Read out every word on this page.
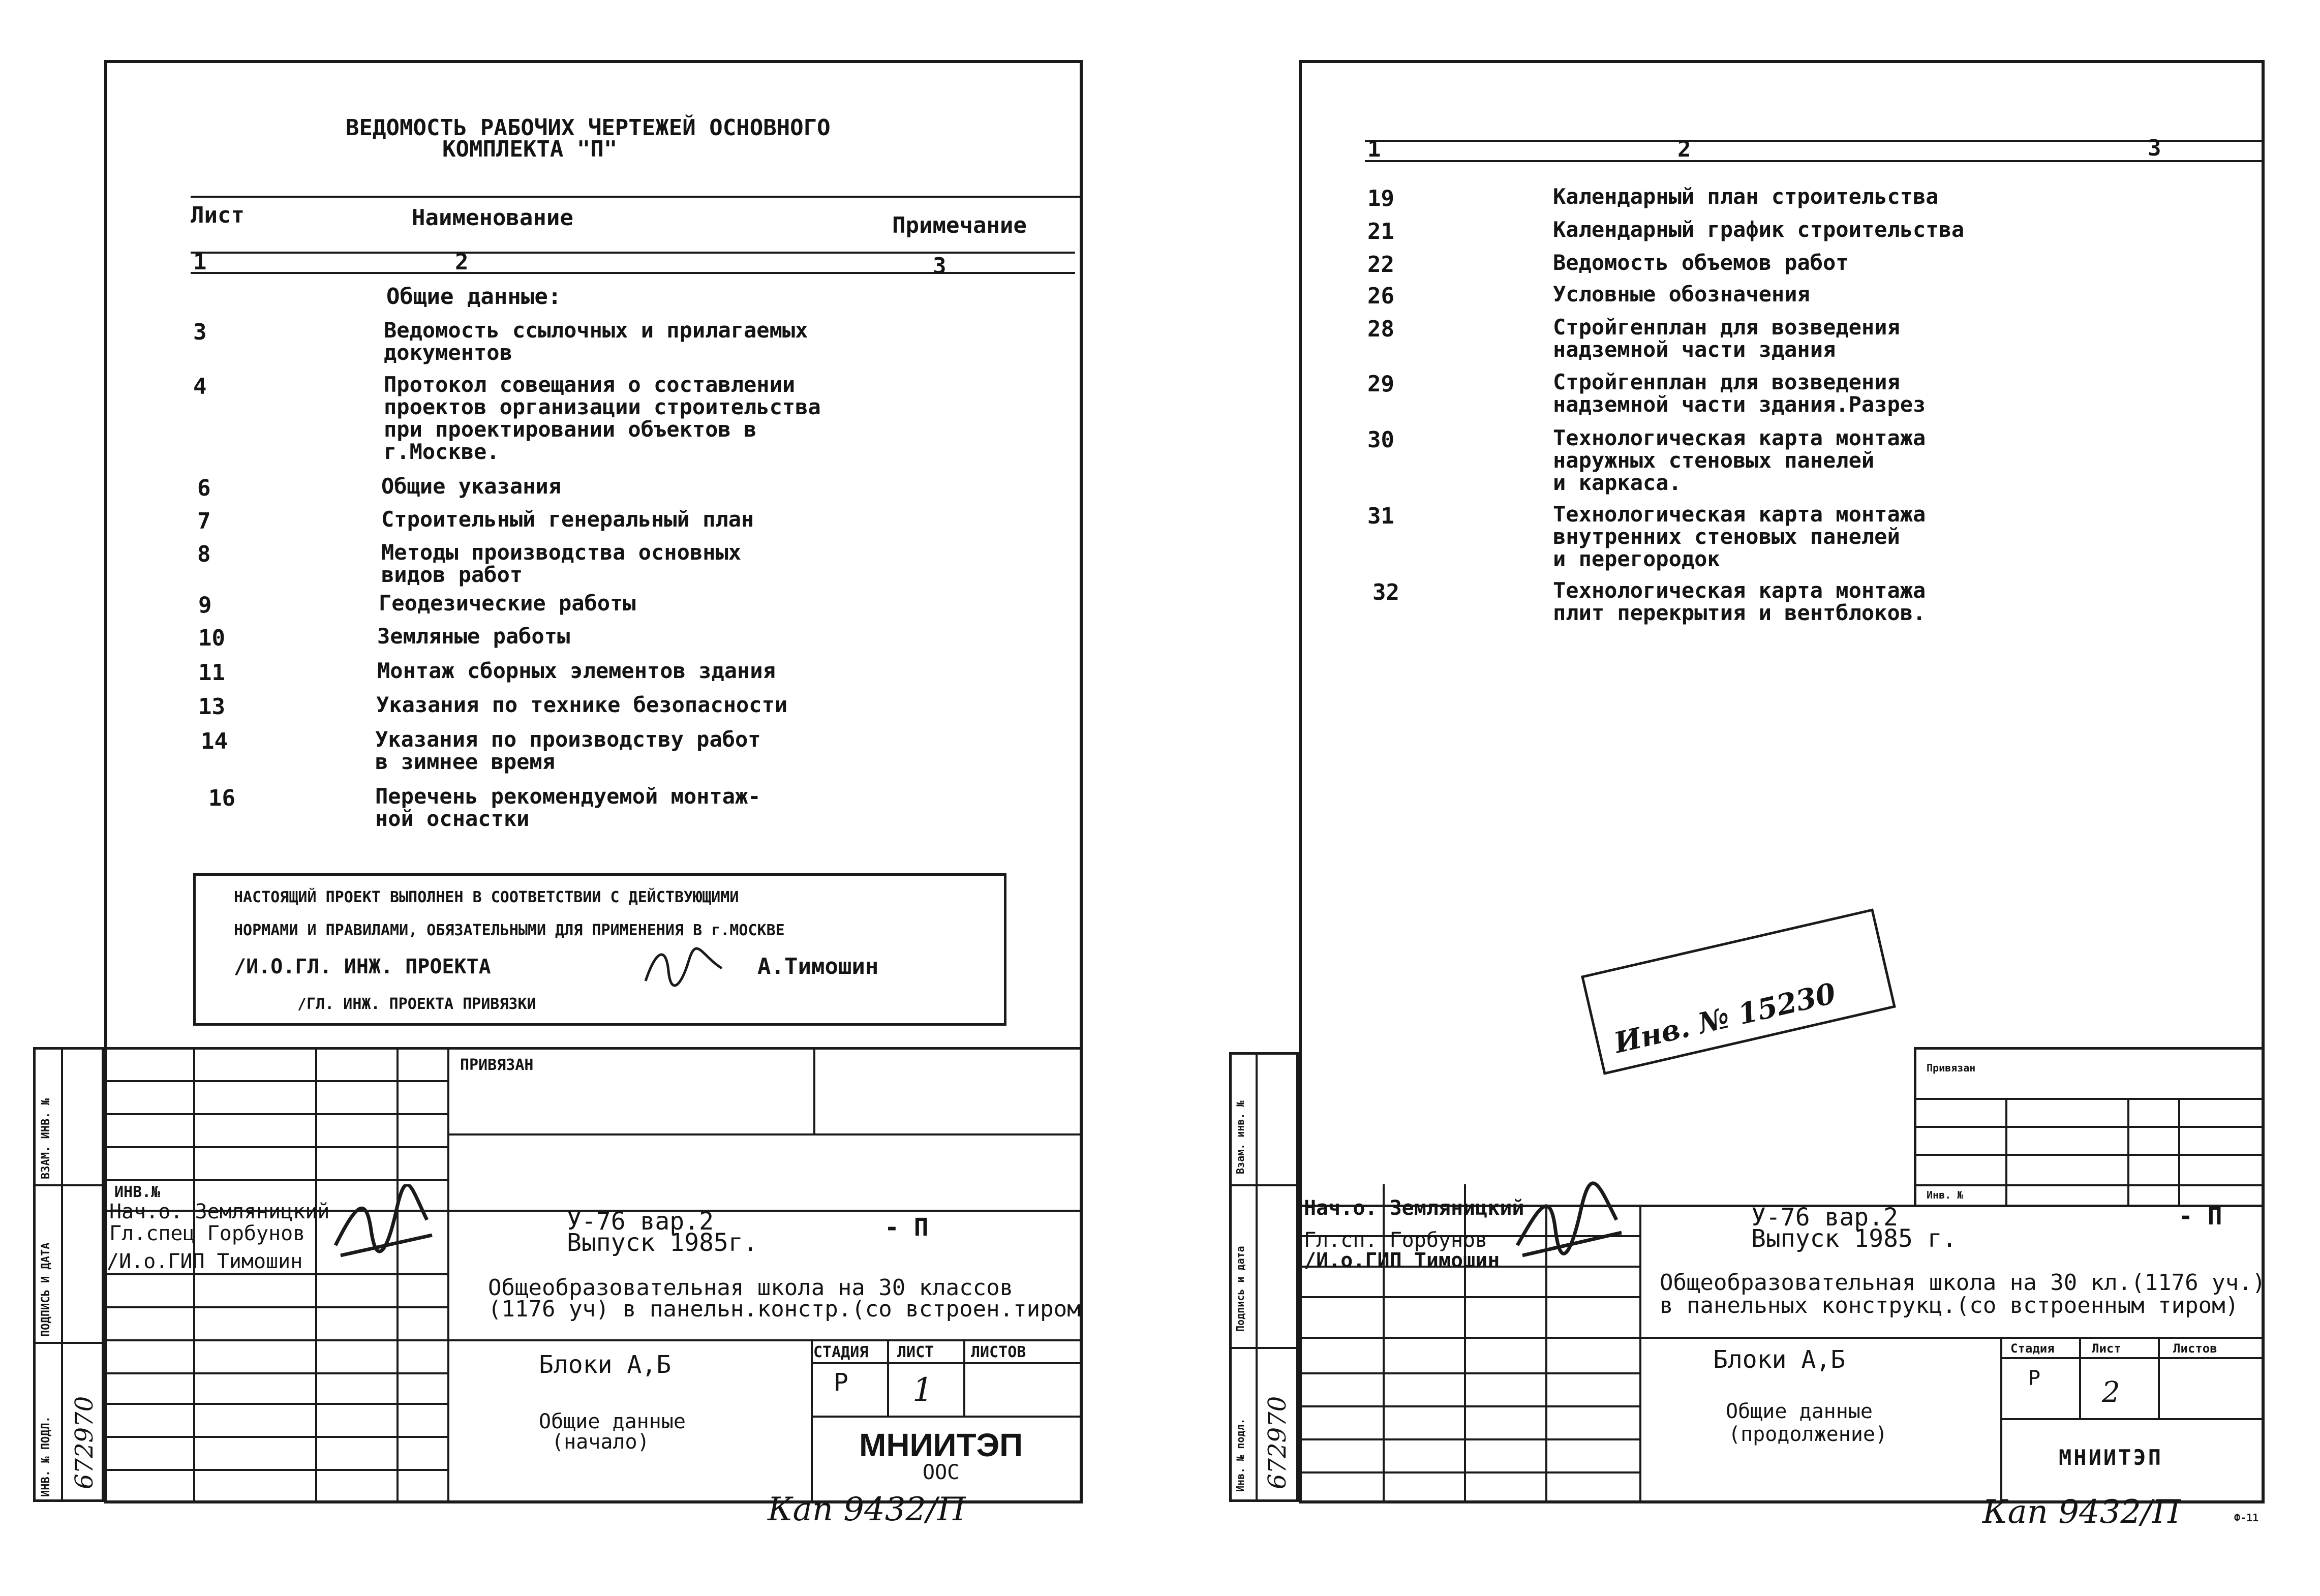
ВЕДОМОСТЬ РАБОЧИХ ЧЕРТЕЖЕЙ ОСНОВНОГО
КОМПЛЕКТА "П"
Лист	Наименование	Примечание
1	2	3
Общие данные:
3	Ведомость ссылочных и прилагаемых
документов
4	Протокол совещания о составлении
проектов организации строительства
при проектировании объектов в
г.Москве.
6	Общие указания
7	Строительный генеральный план
8	Методы производства основных
видов работ
9	Геодезические работы
10	Земляные работы
11	Монтаж сборных элементов здания
13	Указания по технике безопасности
14	Указания по производству работ
в зимнее время
16	Перечень рекомендуемой монтаж-
ной оснастки
НАСТОЯЩИЙ ПРОЕКТ ВЫПОЛНЕН В СООТВЕТСТВИИ С ДЕЙСТВУЮЩИМИ
НОРМАМИ И ПРАВИЛАМИ, ОБЯЗАТЕЛЬНЫМИ ДЛЯ ПРИМЕНЕНИЯ В г.МОСКВЕ
/И.О.ГЛ. ИНЖ. ПРОЕКТА	А.Тимошин
/ГЛ. ИНЖ. ПРОЕКТА ПРИВЯЗКИ
ВЗАМ. ИНВ. №
ПОДПИСЬ И ДАТА
ИНВ. № ПОДЛ. 672970
ПРИВЯЗАН
ИНВ.№
Нач.о. Земляницкий
Гл.спец Горбунов
/И.о.ГИП Тимошин
У-76 вар.2
Выпуск 1985г.
- П
Общеобразовательная школа на 30 классов
(1176 уч) в панельн.констр.(со встроен.тиром
СТАДИЯ ЛИСТ ЛИСТОВ
Р 1
Блоки А,Б
Общие данные
(начало)	МНИИТЭП
ООС
Кап 9432/П
1	2	3
19	Календарный план строительства
21	Календарный график строительства
22	Ведомость объемов работ
26	Условные обозначения
28	Стройгенплан для возведения
надземной части здания
29	Стройгенплан для возведения
надземной части здания.Разрез
30	Технологическая карта монтажа
наружных стеновых панелей
и каркаса.
31	Технологическая карта монтажа
внутренних стеновых панелей
и перегородок
32	Технологическая карта монтажа
плит перекрытия и вентблоков.
Инв. № 15230
Взам. инв. №
Подпись и дата
Инв. № подл. 672970
Привязан
Инв. №
Нач.о. Земляницкий
Гл.сп. Горбунов
/И.о.ГИП Тимошин
У-76 вар.2
Выпуск 1985 г.
- П
Общеобразовательная школа на 30 кл.(1176 уч.)
в панельных конструкц.(со встроенным тиром)
Стадия	Лист	Листов
Р 2
Блоки А,Б
Общие данные
(продолжение)
МНИИТЭП
Кап 9432/П	Ф-11
